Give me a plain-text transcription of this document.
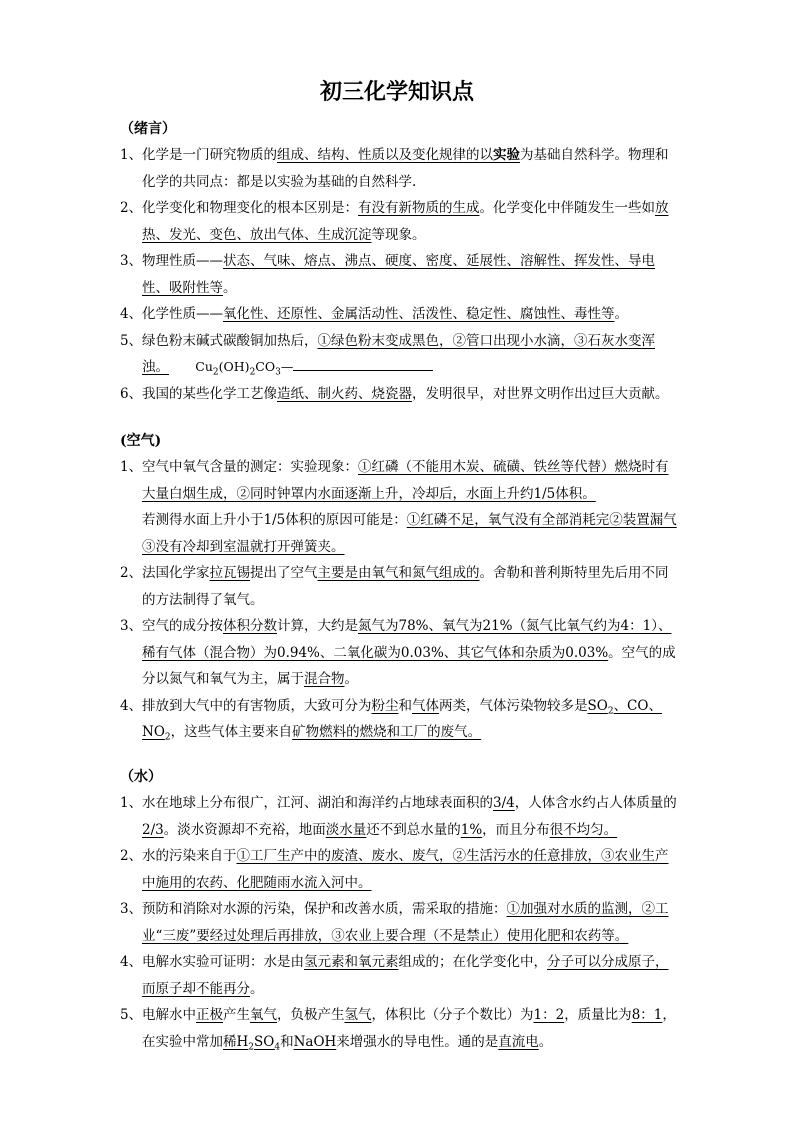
初三化学知识点
（绪言）
1、 化学是一门研究物质的组成、结构、性质以及变化规律的以实验为基础自然科学。物理和化学的共同点：都是以实验为基础的自然科学.
2、 化学变化和物理变化的根本区别是：有没有新物质的生成。化学变化中伴随发生一些如放热、发光、变色、放出气体、生成沉淀等现象。
3、 物理性质——状态、气味、熔点、沸点、硬度、密度、延展性、溶解性、挥发性、导电性、吸附性等。
4、 化学性质——氧化性、还原性、金属活动性、活泼性、稳定性、腐蚀性、毒性等。
5、 绿色粉末碱式碳酸铜加热后，①绿色粉末变成黑色，②管口出现小水滴，③石灰水变浑浊。 $Cu_2(OH)_2CO_3—$
6、 我国的某些化学工艺像造纸、制火药、烧瓷器，发明很早，对世界文明作出过巨大贡献。
(空气)
1、 空气中氧气含量的测定：实验现象：①红磷（不能用木炭、硫磺、铁丝等代替）燃烧时有大量白烟生成，②同时钟罩内水面逐渐上升，冷却后，水面上升约1/5体积。
若测得水面上升小于1/5体积的原因可能是：①红磷不足，氧气没有全部消耗完②装置漏气③没有冷却到室温就打开弹簧夹。
2、 法国化学家拉瓦锡提出了空气主要是由氧气和氮气组成的。舍勒和普利斯特里先后用不同的方法制得了氧气。
3、 空气的成分按体积分数计算，大约是氮气为78%、氧气为21%（氮气比氧气约为4：1）、稀有气体（混合物）为0.94%、二氧化碳为0.03%、其它气体和杂质为0.03%。空气的成分以氮气和氧气为主，属于混合物。
4、 排放到大气中的有害物质，大致可分为粉尘和气体两类，气体污染物较多是$SO_2$、CO、$NO_2$，这些气体主要来自矿物燃料的燃烧和工厂的废气。
（水）
1、 水在地球上分布很广，江河、湖泊和海洋约占地球表面积的3/4，人体含水约占人体质量的2/3。淡水资源却不充裕，地面淡水量还不到总水量的1%，而且分布很不均匀。
2、 水的污染来自于①工厂生产中的废渣、废水、废气，②生活污水的任意排放，③农业生产中施用的农药、化肥随雨水流入河中。
3、 预防和消除对水源的污染，保护和改善水质，需采取的措施：①加强对水质的监测，②工业“三废”要经过处理后再排放，③农业上要合理（不是禁止）使用化肥和农药等。
4、 电解水实验可证明：水是由氢元素和氧元素组成的；在化学变化中，分子可以分成原子，而原子却不能再分。
5、 电解水中正极产生氧气，负极产生氢气，体积比（分子个数比）为1：2，质量比为8：1，在实验中常加稀$H_2SO_4$和NaOH来增强水的导电性。通的是直流电。
